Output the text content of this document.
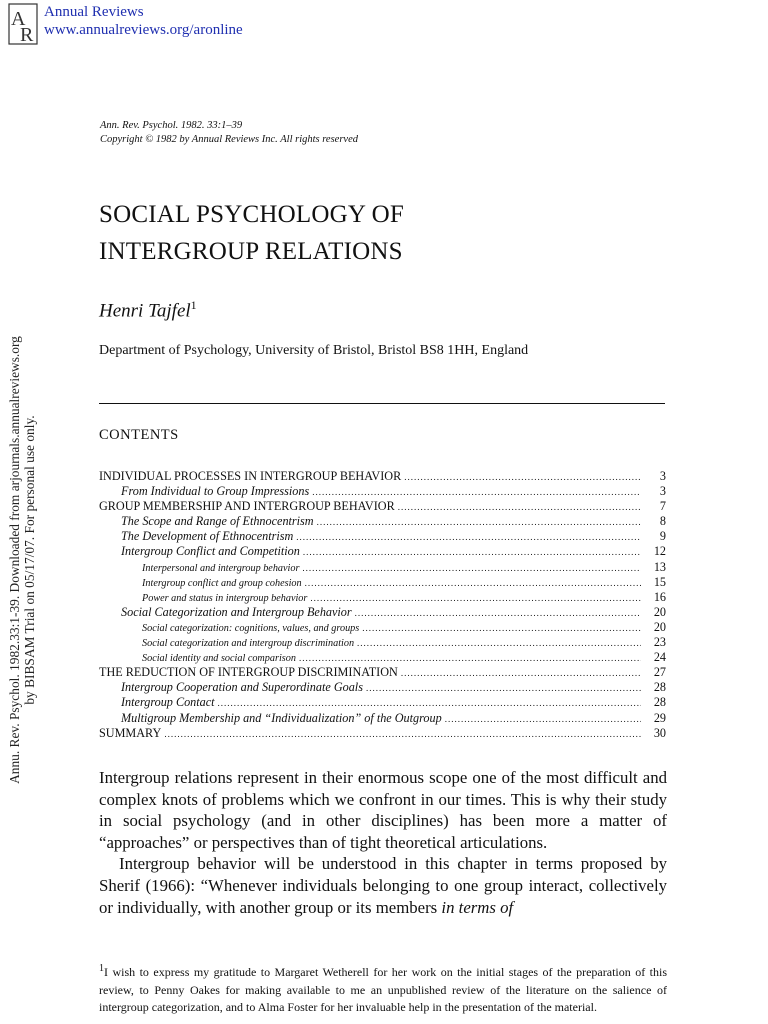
A
R
Annual Reviews
www.annualreviews.org/aronline
Annu. Rev. Psychol. 1982.33:1-39. Downloaded from arjournals.annualreviews.org by BIBSAM Trial on 05/17/07. For personal use only.
Ann. Rev. Psychol. 1982. 33:1–39
Copyright © 1982 by Annual Reviews Inc. All rights reserved
SOCIAL PSYCHOLOGY OF
INTERGROUP RELATIONS
Henri Tajfel$^1$
Department of Psychology, University of Bristol, Bristol BS8 1HH, England
CONTENTS
INDIVIDUAL PROCESSES IN INTERGROUP BEHAVIOR .....	3
From Individual to Group Impressions .....	3
GROUP MEMBERSHIP AND INTERGROUP BEHAVIOR .....	7
The Scope and Range of Ethnocentrism .....	8
The Development of Ethnocentrism .....	9
Intergroup Conflict and Competition .....	12
Interpersonal and intergroup behavior .....	13
Intergroup conflict and group cohesion .....	15
Power and status in intergroup behavior .....	16
Social Categorization and Intergroup Behavior .....	20
Social categorization: cognitions, values, and groups .....	20
Social categorization and intergroup discrimination .....	23
Social identity and social comparison .....	24
THE REDUCTION OF INTERGROUP DISCRIMINATION .....	27
Intergroup Cooperation and Superordinate Goals .....	28
Intergroup Contact .....	28
Multigroup Membership and “Individualization” of the Outgroup .....	29
SUMMARY .....	30

Intergroup relations represent in their enormous scope one of the most difficult and complex knots of problems which we confront in our times. This is why their study in social psychology (and in other disciplines) has been more a matter of “approaches” or perspectives than of tight theoretical articulations.

Intergroup behavior will be understood in this chapter in terms proposed by Sherif (1966): “Whenever individuals belonging to one group interact, collectively or individually, with another group or its members in terms of

$^1$I wish to express my gratitude to Margaret Wetherell for her work on the initial stages of the preparation of this review, to Penny Oakes for making available to me an unpublished review of the literature on the salience of intergroup categorization, and to Alma Foster for her invaluable help in the presentation of the material.
